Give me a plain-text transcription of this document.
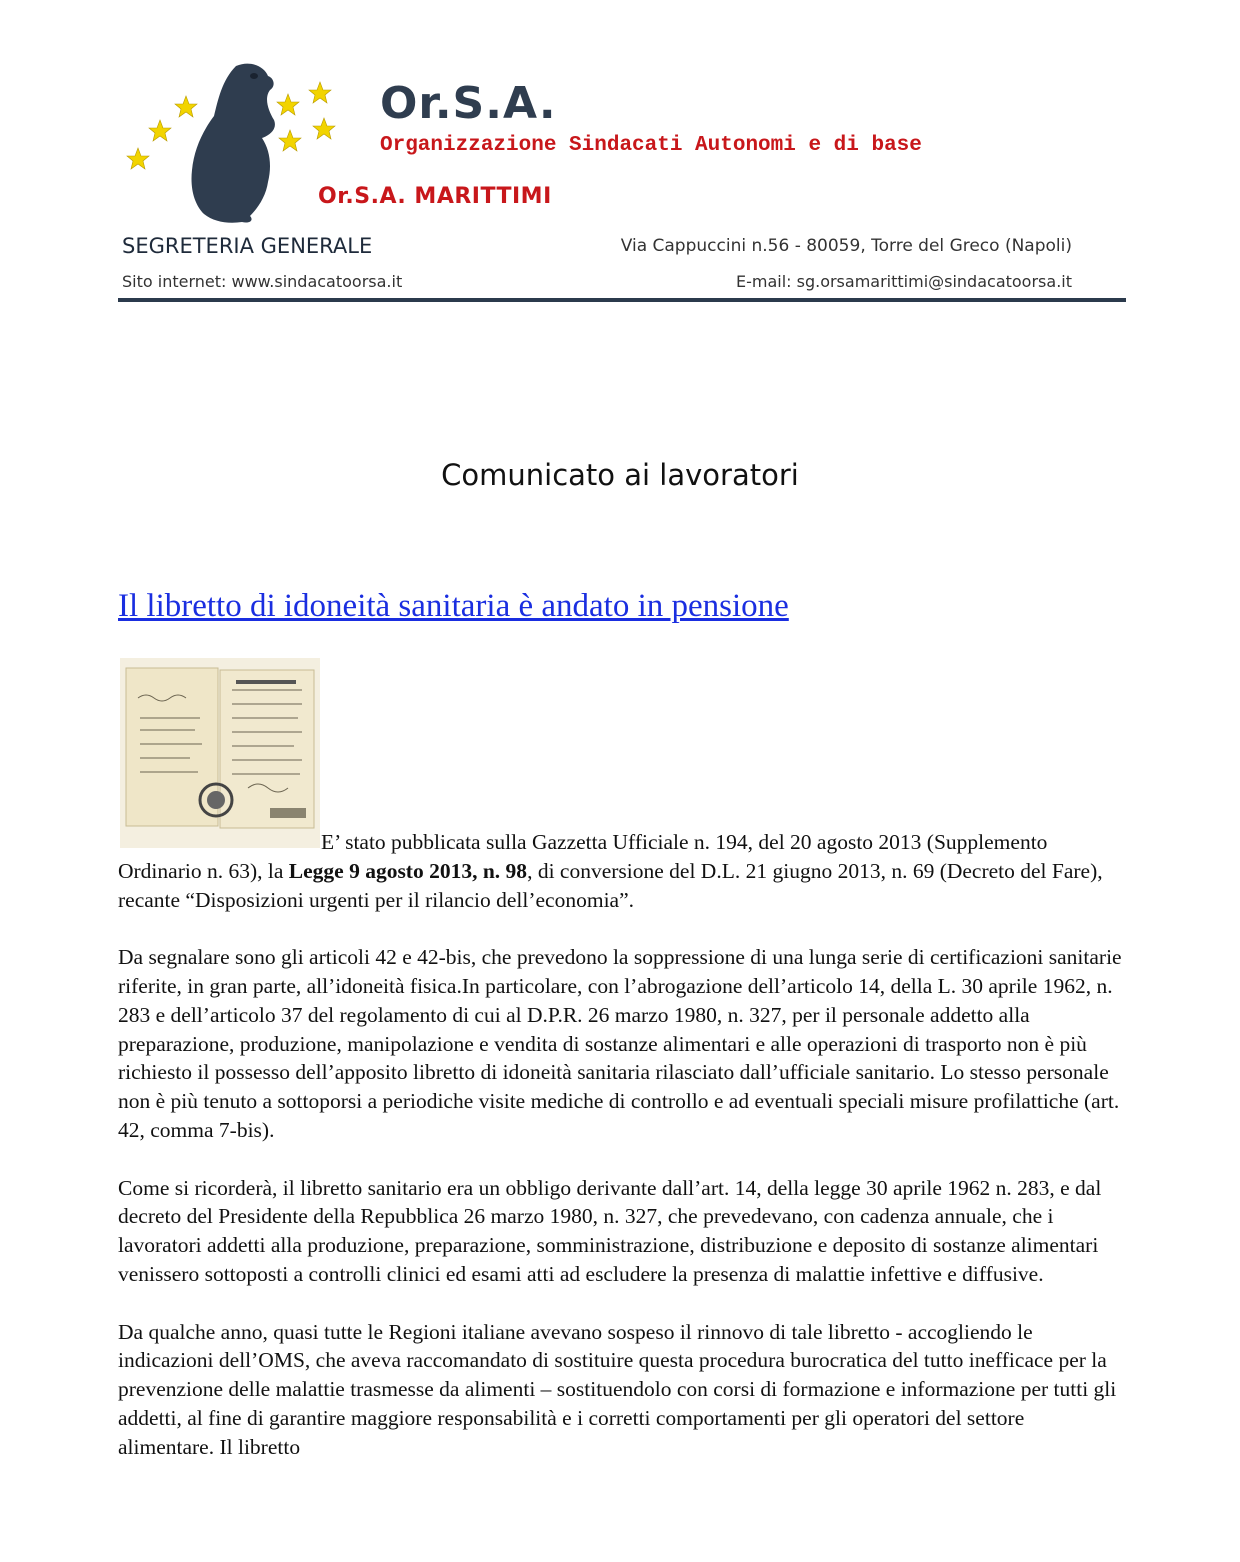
Or.S.A.
Organizzazione Sindacati Autonomi e di base
Or.S.A. MARITTIMI
SEGRETERIA GENERALE	Via Cappuccini n.56 - 80059, Torre del Greco (Napoli)
Sito internet: www.sindacatoorsa.it	E-mail: sg.orsamarittimi@sindacatoorsa.it
Comunicato ai lavoratori
Il libretto di idoneità sanitaria è andato in pensione

E’ stato pubblicata sulla Gazzetta Ufficiale n. 194, del 20 agosto 2013 (Supplemento Ordinario n. 63), la Legge 9 agosto 2013, n. 98, di conversione del D.L. 21 giugno 2013, n. 69 (Decreto del Fare), recante “Disposizioni urgenti per il rilancio dell’economia”.

Da segnalare sono gli articoli 42 e 42-bis, che prevedono la soppressione di una lunga serie di certificazioni sanitarie riferite, in gran parte, all’idoneità fisica.In particolare, con l’abrogazione dell’articolo 14, della L. 30 aprile 1962, n. 283 e dell’articolo 37 del regolamento di cui al D.P.R. 26 marzo 1980, n. 327, per il personale addetto alla preparazione, produzione, manipolazione e vendita di sostanze alimentari e alle operazioni di trasporto non è più richiesto il possesso dell’apposito libretto di idoneità sanitaria rilasciato dall’ufficiale sanitario. Lo stesso personale non è più tenuto a sottoporsi a periodiche visite mediche di controllo e ad eventuali speciali misure profilattiche (art. 42, comma 7-bis).

Come si ricorderà, il libretto sanitario era un obbligo derivante dall’art. 14, della legge 30 aprile 1962 n. 283, e dal decreto del Presidente della Repubblica 26 marzo 1980, n. 327, che prevedevano, con cadenza annuale, che i lavoratori addetti alla produzione, preparazione, somministrazione, distribuzione e deposito di sostanze alimentari venissero sottoposti a controlli clinici ed esami atti ad escludere la presenza di malattie infettive e diffusive.

Da qualche anno, quasi tutte le Regioni italiane avevano sospeso il rinnovo di tale libretto - accogliendo le indicazioni dell’OMS, che aveva raccomandato di sostituire questa procedura burocratica del tutto inefficace per la prevenzione delle malattie trasmesse da alimenti – sostituendolo con corsi di formazione e informazione per tutti gli addetti, al fine di garantire maggiore responsabilità e i corretti comportamenti per gli operatori del settore alimentare. Il libretto
